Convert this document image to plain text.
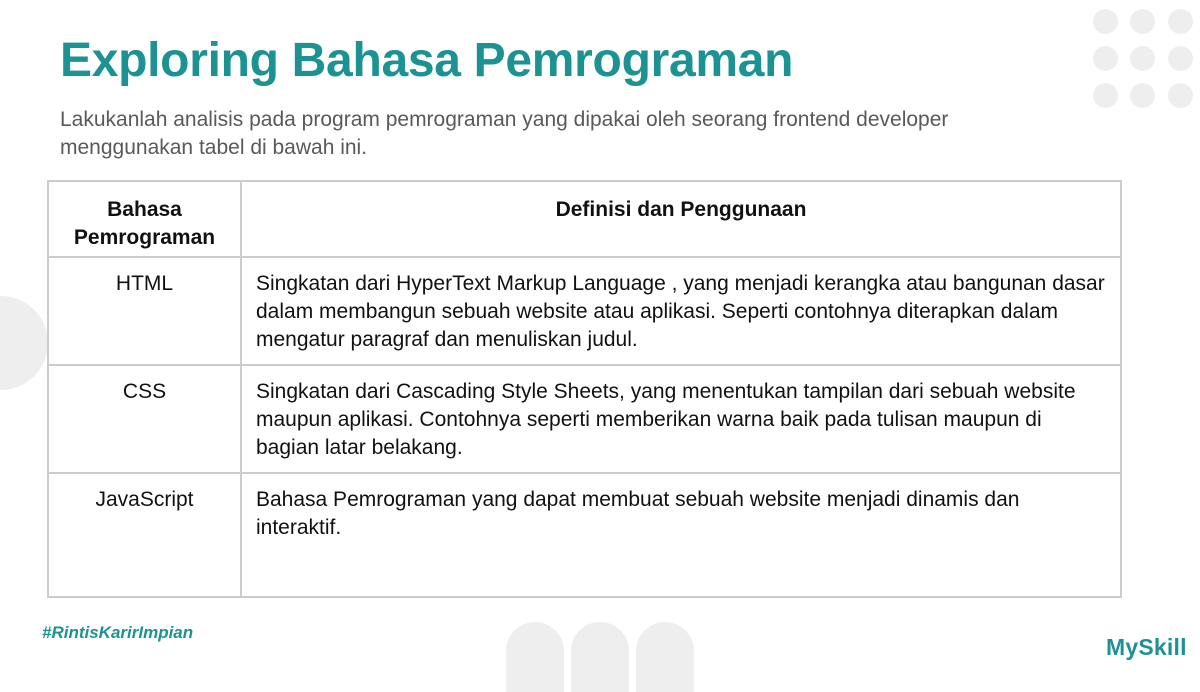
Exploring Bahasa Pemrograman

Lakukanlah analisis pada program pemrograman yang dipakai oleh seorang frontend developer menggunakan tabel di bawah ini.

Bahasa Pemrograman	Definisi dan Penggunaan
HTML	Singkatan dari HyperText Markup Language , yang menjadi kerangka atau bangunan dasar dalam membangun sebuah website atau aplikasi. Seperti contohnya diterapkan dalam mengatur paragraf dan menuliskan judul.
CSS	Singkatan dari Cascading Style Sheets, yang menentukan tampilan dari sebuah website maupun aplikasi. Contohnya seperti memberikan warna baik pada tulisan maupun di bagian latar belakang.
JavaScript	Bahasa Pemrograman yang dapat membuat sebuah website menjadi dinamis dan interaktif.
#RintisKarirImpian
MySkill
